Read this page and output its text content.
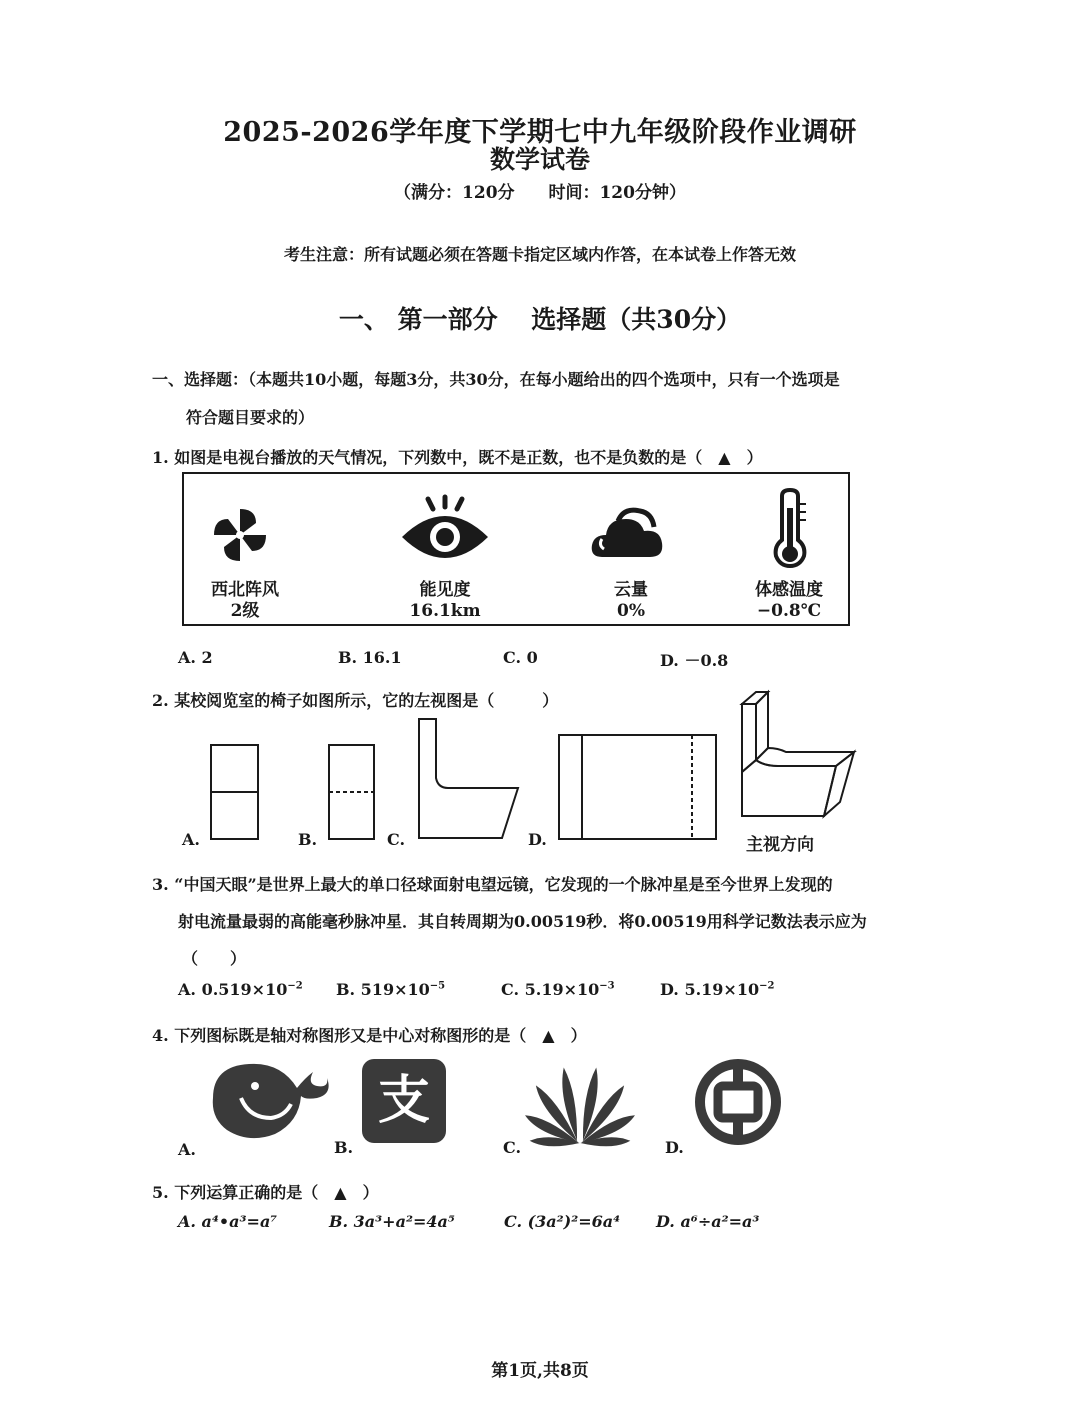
2025-2026学年度下学期七中九年级阶段作业调研
数学试卷
（满分：120分 时间：120分钟）
考生注意：所有试题必须在答题卡指定区域内作答，在本试卷上作答无效
一、 第一部分　 选择题（共30分）
一、选择题：（本题共10小题，每题3分，共30分，在每小题给出的四个选项中，只有一个选项是
符合题目要求的）
1. 如图是电视台播放的天气情况，下列数中，既不是正数，也不是负数的是（　▲　）
西北阵风
2级
能见度
16.1km
云量
0%
体感温度
−0.8℃
A. 2	B. 16.1	C. 0	D. －0.8
2. 某校阅览室的椅子如图所示，它的左视图是（　　　）
A.	B.	C.	D.	主视方向
3. “中国天眼”是世界上最大的单口径球面射电望远镜，它发现的一个脉冲星是至今世界上发现的
射电流量最弱的高能毫秒脉冲星．其自转周期为0.00519秒．将0.00519用科学记数法表示应为
（　　）
A. $0.519\times 10^{-2}$ B. $519\times 10^{-5}$	C. $5.19\times 10^{-3}$	D. $5.19\times 10^{-2}$
4. 下列图标既是轴对称图形又是中心对称图形的是（　▲　）
支
A.	B.	C.	D.
5. 下列运算正确的是（　▲　）
A. a⁴•a³=a⁷	B. 3a³+a²=4a⁵	C. (3a²)²=6a⁴ D. a⁶÷a²=a³
第1页,共8页
